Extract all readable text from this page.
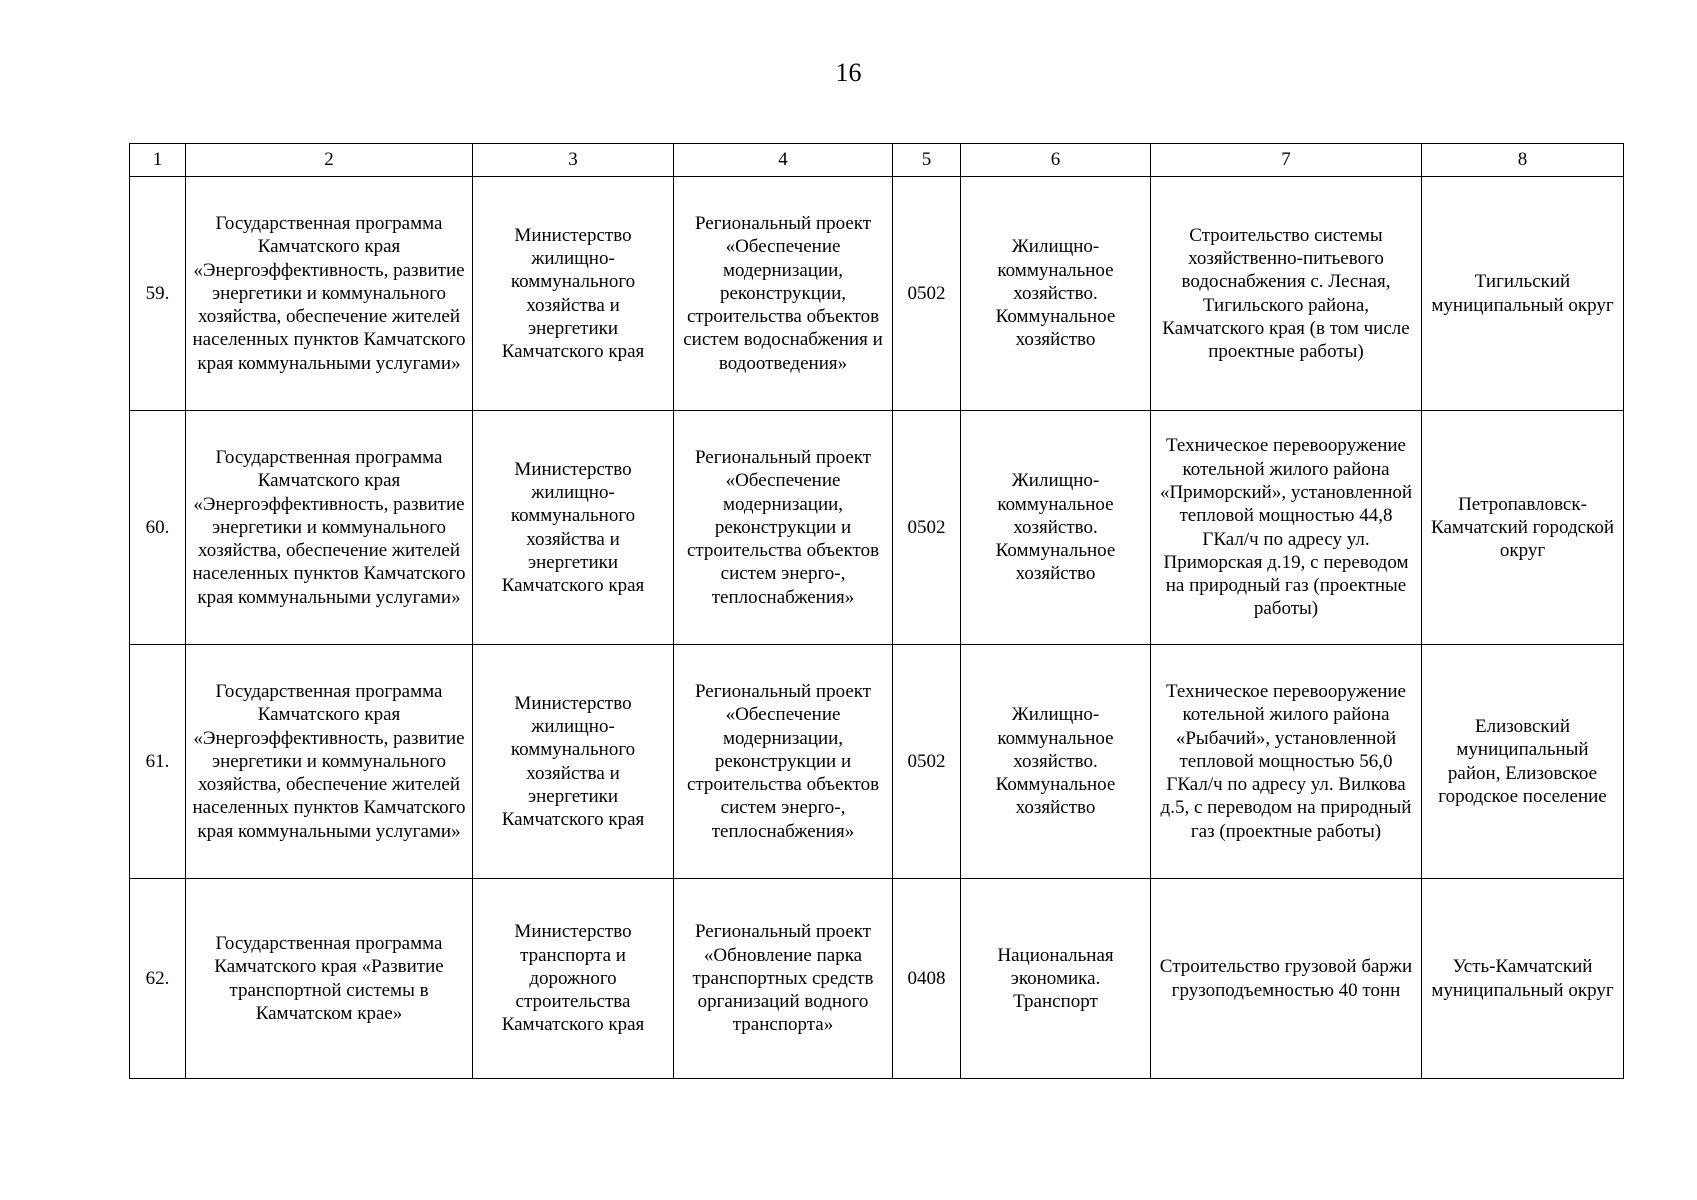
16
1	2	3	4	5	6	7	8
59.	Государственная программа Камчатского края «Энергоэффективность, развитие энергетики и коммунального хозяйства, обеспечение жителей населенных пунктов Камчатского края коммунальными услугами»	Министерство жилищно-коммунального хозяйства и энергетики Камчатского края	Региональный проект «Обеспечение модернизации, реконструкции, строительства объектов систем водоснабжения и водоотведения»	0502	Жилищно-коммунальное хозяйство. Коммунальное хозяйство	Строительство системы хозяйственно-питьевого водоснабжения с. Лесная, Тигильского района, Камчатского края (в том числе проектные работы)	Тигильский муниципальный округ
60.	Государственная программа Камчатского края «Энергоэффективность, развитие энергетики и коммунального хозяйства, обеспечение жителей населенных пунктов Камчатского края коммунальными услугами»	Министерство жилищно-коммунального хозяйства и энергетики Камчатского края	Региональный проект «Обеспечение модернизации, реконструкции и строительства объектов систем энерго-, теплоснабжения»	0502	Жилищно-коммунальное хозяйство. Коммунальное хозяйство	Техническое перевооружение котельной жилого района «Приморский», установленной тепловой мощностью 44,8 ГКал/ч по адресу ул. Приморская д.19, с переводом на природный газ (проектные работы)	Петропавловск-Камчатский городской округ
61.	Государственная программа Камчатского края «Энергоэффективность, развитие энергетики и коммунального хозяйства, обеспечение жителей населенных пунктов Камчатского края коммунальными услугами»	Министерство жилищно-коммунального хозяйства и энергетики Камчатского края	Региональный проект «Обеспечение модернизации, реконструкции и строительства объектов систем энерго-, теплоснабжения»	0502	Жилищно-коммунальное хозяйство. Коммунальное хозяйство	Техническое перевооружение котельной жилого района «Рыбачий», установленной тепловой мощностью 56,0 ГКал/ч по адресу ул. Вилкова д.5, с переводом на природный газ (проектные работы)	Елизовский муниципальный район, Елизовское городское поселение
62.	Государственная программа Камчатского края «Развитие транспортной системы в Камчатском крае»	Министерство транспорта и дорожного строительства Камчатского края	Региональный проект «Обновление парка транспортных средств организаций водного транспорта»	0408	Национальная экономика. Транспорт	Строительство грузовой баржи грузоподъемностью 40 тонн	Усть-Камчатский муниципальный округ
